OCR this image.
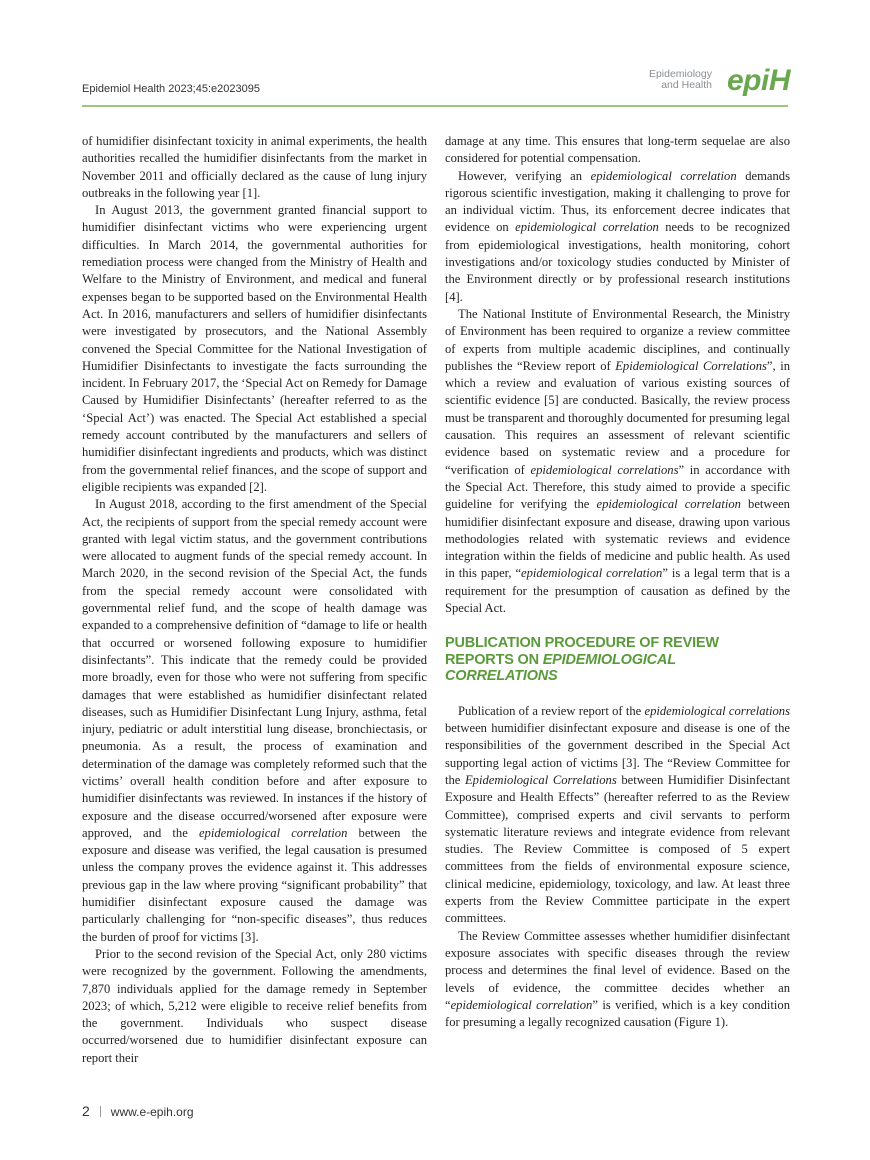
Epidemiol Health 2023;45:e2023095
Epidemiology
and Health epiH

of humidifier disinfectant toxicity in animal experiments, the health authorities recalled the humidifier disinfectants from the market in November 2011 and officially declared as the cause of lung injury outbreaks in the following year [1].

In August 2013, the government granted financial support to humidifier disinfectant victims who were experiencing urgent difficulties. In March 2014, the governmental authorities for remediation process were changed from the Ministry of Health and Welfare to the Ministry of Environment, and medical and funeral expenses began to be supported based on the Environmental Health Act. In 2016, manufacturers and sellers of humidifier disinfectants were investigated by prosecutors, and the National Assembly convened the Special Committee for the National Investigation of Humidifier Disinfectants to investigate the facts surrounding the incident. In February 2017, the ‘Special Act on Remedy for Damage Caused by Humidifier Disinfectants’ (hereafter referred to as the ‘Special Act’) was enacted. The Special Act established a special remedy account contributed by the manufacturers and sellers of humidifier disinfectant ingredients and products, which was distinct from the governmental relief finances, and the scope of support and eligible recipients was expanded [2].

In August 2018, according to the first amendment of the Special Act, the recipients of support from the special remedy account were granted with legal victim status, and the government contributions were allocated to augment funds of the special remedy account. In March 2020, in the second revision of the Special Act, the funds from the special remedy account were consolidated with governmental relief fund, and the scope of health damage was expanded to a comprehensive definition of “damage to life or health that occurred or worsened following exposure to humidifier disinfectants”. This indicate that the remedy could be provided more broadly, even for those who were not suffering from specific damages that were established as humidifier disinfectant related diseases, such as Humidifier Disinfectant Lung Injury, asthma, fetal injury, pediatric or adult interstitial lung disease, bronchiectasis, or pneumonia. As a result, the process of examination and determination of the damage was completely reformed such that the victims’ overall health condition before and after exposure to humidifier disinfectants was reviewed. In instances if the history of exposure and the disease occurred/worsened after exposure were approved, and the epidemiological correlation between the exposure and disease was verified, the legal causation is presumed unless the company proves the evidence against it. This addresses previous gap in the law where proving “significant probability” that humidifier disinfectant exposure caused the damage was particularly challenging for “non-specific diseases”, thus reduces the burden of proof for victims [3].

Prior to the second revision of the Special Act, only 280 victims were recognized by the government. Following the amendments, 7,870 individuals applied for the damage remedy in September 2023; of which, 5,212 were eligible to receive relief benefits from the government. Individuals who suspect disease occurred/worsened due to humidifier disinfectant exposure can report their

damage at any time. This ensures that long-term sequelae are also considered for potential compensation.

However, verifying an epidemiological correlation demands rigorous scientific investigation, making it challenging to prove for an individual victim. Thus, its enforcement decree indicates that evidence on epidemiological correlation needs to be recognized from epidemiological investigations, health monitoring, cohort investigations and/or toxicology studies conducted by Minister of the Environment directly or by professional research institutions [4].

The National Institute of Environmental Research, the Ministry of Environment has been required to organize a review committee of experts from multiple academic disciplines, and continually publishes the “Review report of Epidemiological Correlations”, in which a review and evaluation of various existing sources of scientific evidence [5] are conducted. Basically, the review process must be transparent and thoroughly documented for presuming legal causation. This requires an assessment of relevant scientific evidence based on systematic review and a procedure for “verification of epidemiological correlations” in accordance with the Special Act. Therefore, this study aimed to provide a specific guideline for verifying the epidemiological correlation between humidifier disinfectant exposure and disease, drawing upon various methodologies related with systematic reviews and evidence integration within the fields of medicine and public health. As used in this paper, “epidemiological correlation” is a legal term that is a requirement for the presumption of causation as defined by the Special Act.

PUBLICATION PROCEDURE OF REVIEW
REPORTS ON EPIDEMIOLOGICAL CORRELATIONS

Publication of a review report of the epidemiological correlations between humidifier disinfectant exposure and disease is one of the responsibilities of the government described in the Special Act supporting legal action of victims [3]. The “Review Committee for the Epidemiological Correlations between Humidifier Disinfectant Exposure and Health Effects” (hereafter referred to as the Review Committee), comprised experts and civil servants to perform systematic literature reviews and integrate evidence from relevant studies. The Review Committee is composed of 5 expert committees from the fields of environmental exposure science, clinical medicine, epidemiology, toxicology, and law. At least three experts from the Review Committee participate in the expert committees.

The Review Committee assesses whether humidifier disinfectant exposure associates with specific diseases through the review process and determines the final level of evidence. Based on the levels of evidence, the committee decides whether an “epidemiological correlation” is verified, which is a key condition for presuming a legally recognized causation (Figure 1).

2 www.e-epih.org
